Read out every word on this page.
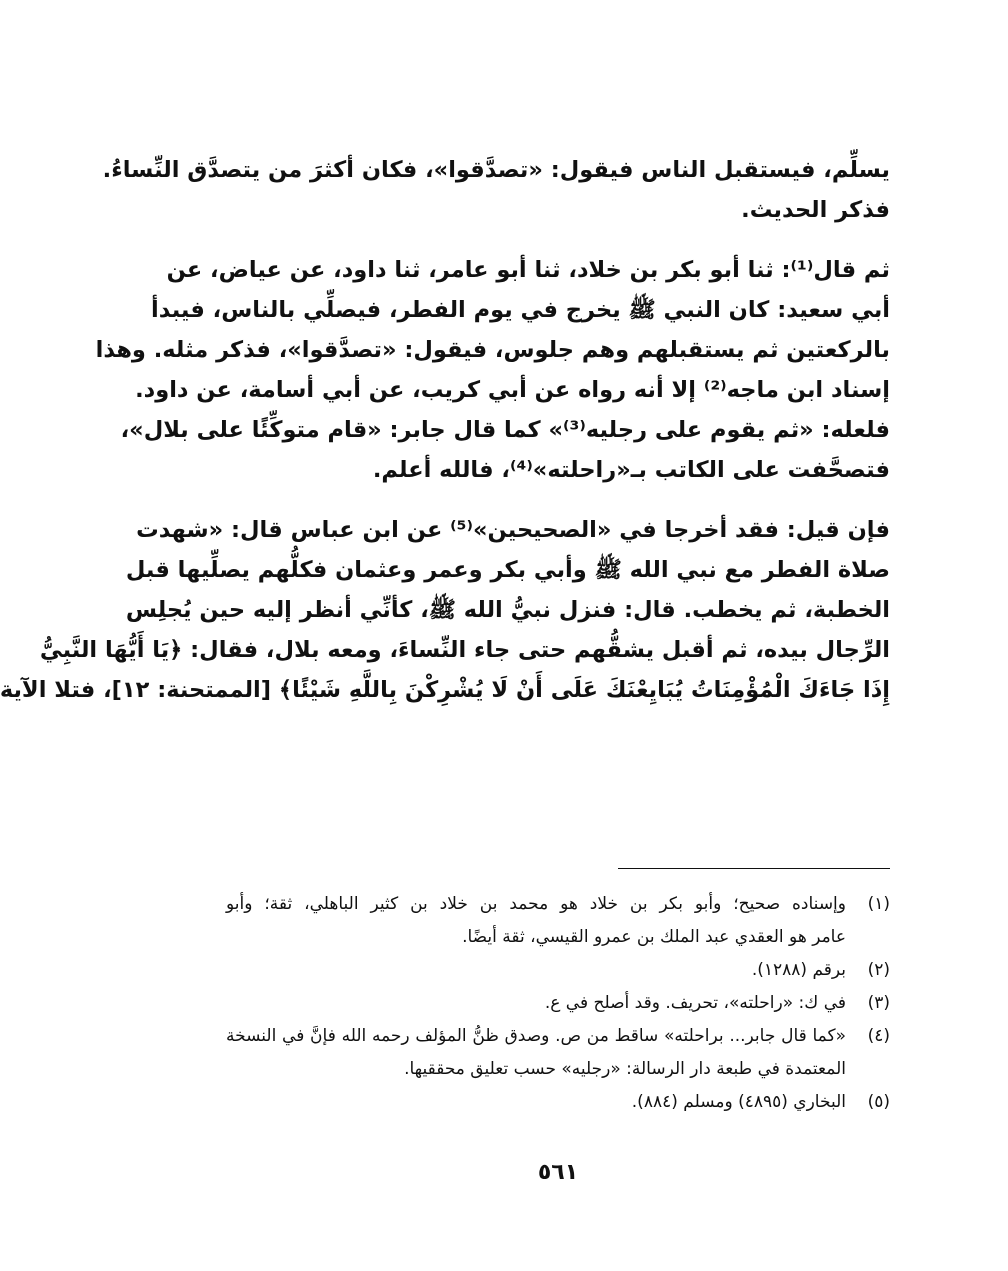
يسلِّم، فيستقبل الناس فيقول: «تصدَّقوا»، فكان أكثرَ من يتصدَّق النِّساءُ.
فذكر الحديث.
ثم قال⁽¹⁾: ثنا أبو بكر بن خلاد، ثنا أبو عامر، ثنا داود، عن عياض، عن
أبي سعيد: كان النبي ﷺ يخرج في يوم الفطر، فيصلِّي بالناس، فيبدأ
بالركعتين ثم يستقبلهم وهم جلوس، فيقول: «تصدَّقوا»، فذكر مثله. وهذا
إسناد ابن ماجه⁽²⁾ إلا أنه رواه عن أبي كريب، عن أبي أسامة، عن داود.
فلعله: «ثم يقوم على رجليه⁽³⁾» كما قال جابر: «قام متوكِّئًا على بلال»،
فتصحَّفت على الكاتب بـ«راحلته»⁽⁴⁾، فالله أعلم.
فإن قيل: فقد أخرجا في «الصحيحين»⁽⁵⁾ عن ابن عباس قال: «شهدت
صلاة الفطر مع نبي الله ﷺ وأبي بكر وعمر وعثمان فكلُّهم يصلِّيها قبل
الخطبة، ثم يخطب. قال: فنزل نبيُّ الله ﷺ، كأنِّي أنظر إليه حين يُجلِس
الرِّجال بيده، ثم أقبل يشقُّهم حتى جاء النِّساءَ، ومعه بلال، فقال: ﴿يَا أَيُّهَا النَّبِيُّ
إِذَا جَاءَكَ الْمُؤْمِنَاتُ يُبَايِعْنَكَ عَلَى أَنْ لَا يُشْرِكْنَ بِاللَّهِ شَيْئًا﴾ [الممتحنة: ١٢]، فتلا الآية
(١)
وإسناده صحيح؛ وأبو بكر بن خلاد هو محمد بن خلاد بن كثير الباهلي، ثقة؛ وأبو
عامر هو العقدي عبد الملك بن عمرو القيسي، ثقة أيضًا.
(٢)
برقم (١٢٨٨).
(٣)
في ك: «راحلته»، تحريف. وقد أصلح في ع.
(٤)
«كما قال جابر... براحلته» ساقط من ص. وصدق ظنُّ المؤلف رحمه الله فإنَّ في النسخة
المعتمدة في طبعة دار الرسالة: «رجليه» حسب تعليق محققيها.
(٥)
البخاري (٤٨٩٥) ومسلم (٨٨٤).
٥٦١
